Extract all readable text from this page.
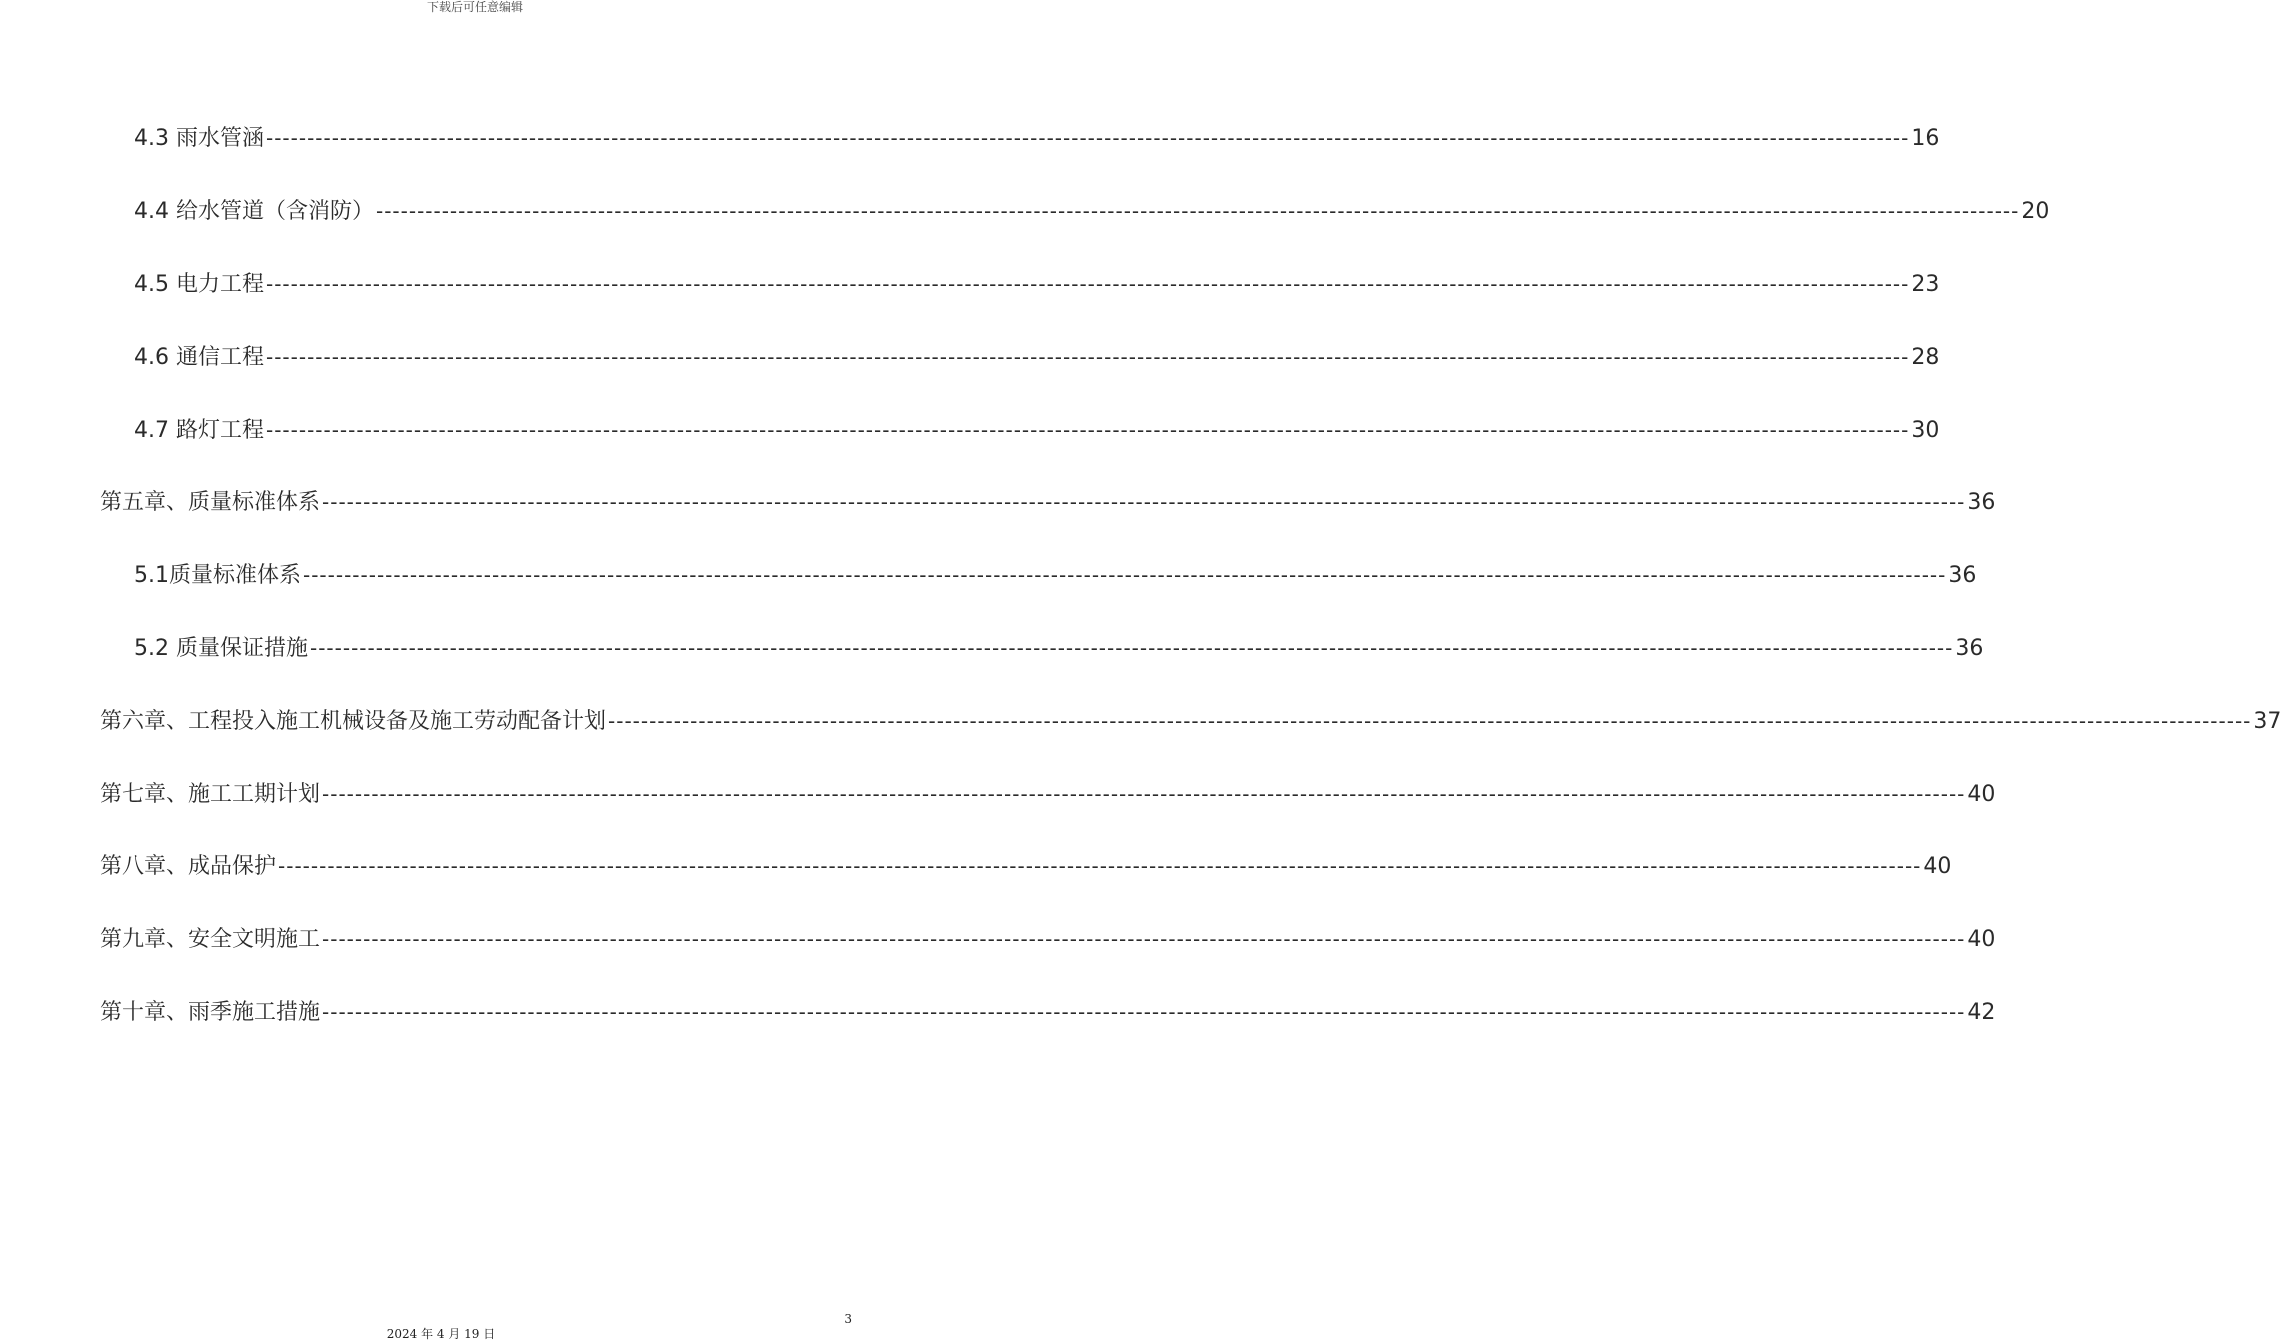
下载后可任意编辑
4.3 雨水管涵 -------------------------------------------------------------------------------------------------------------------------------------------------------------------------------------------------------- 16
4.4 给水管道（含消防） -------------------------------------------------------------------------------------------------------------------------------------------------------------------------------------------------------- 20
4.5 电力工程 -------------------------------------------------------------------------------------------------------------------------------------------------------------------------------------------------------- 23
4.6 通信工程 -------------------------------------------------------------------------------------------------------------------------------------------------------------------------------------------------------- 28
4.7 路灯工程 -------------------------------------------------------------------------------------------------------------------------------------------------------------------------------------------------------- 30
第五章、质量标准体系 -------------------------------------------------------------------------------------------------------------------------------------------------------------------------------------------------------- 36
5.1质量标准体系 -------------------------------------------------------------------------------------------------------------------------------------------------------------------------------------------------------- 36
5.2 质量保证措施 -------------------------------------------------------------------------------------------------------------------------------------------------------------------------------------------------------- 36
第六章、工程投入施工机械设备及施工劳动配备计划 -------------------------------------------------------------------------------------------------------------------------------------------------------------------------------------------------------- 37
第七章、施工工期计划 -------------------------------------------------------------------------------------------------------------------------------------------------------------------------------------------------------- 40
第八章、成品保护 -------------------------------------------------------------------------------------------------------------------------------------------------------------------------------------------------------- 40
第九章、安全文明施工 -------------------------------------------------------------------------------------------------------------------------------------------------------------------------------------------------------- 40
第十章、雨季施工措施 -------------------------------------------------------------------------------------------------------------------------------------------------------------------------------------------------------- 42
3
2024 年 4 月 19 日
